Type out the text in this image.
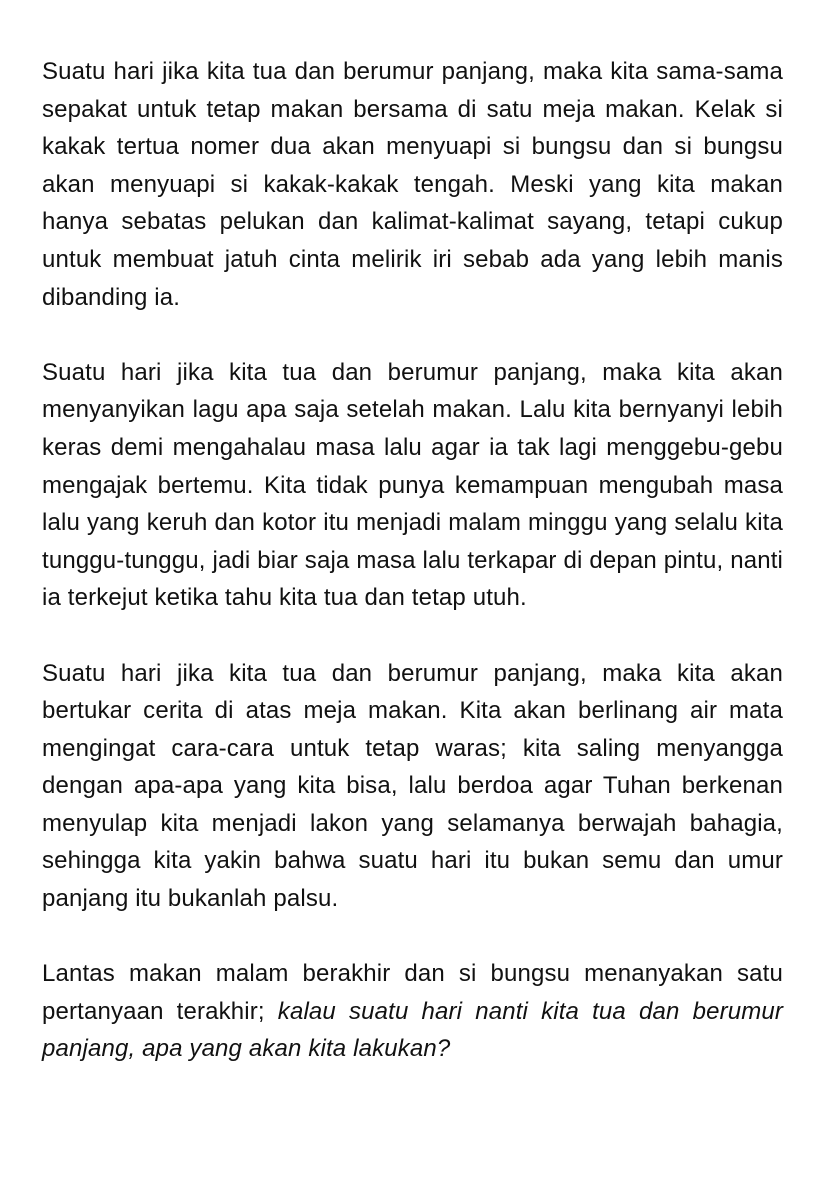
Suatu hari jika kita tua dan berumur panjang, maka kita sama-sama sepakat untuk tetap makan bersama di satu meja makan. Kelak si kakak tertua nomer dua akan menyuapi si bungsu dan si bungsu akan menyuapi si kakak-kakak tengah. Meski yang kita makan hanya sebatas pelukan dan kalimat-kalimat sayang, tetapi cukup untuk membuat jatuh cinta melirik iri sebab ada yang lebih manis dibanding ia.

Suatu hari jika kita tua dan berumur panjang, maka kita akan menyanyikan lagu apa saja setelah makan. Lalu kita bernyanyi lebih keras demi mengahalau masa lalu agar ia tak lagi menggebu-gebu mengajak bertemu. Kita tidak punya kemampuan mengubah masa lalu yang keruh dan kotor itu menjadi malam minggu yang selalu kita tunggu-tunggu, jadi biar saja masa lalu terkapar di depan pintu, nanti ia terkejut ketika tahu kita tua dan tetap utuh.

Suatu hari jika kita tua dan berumur panjang, maka kita akan bertukar cerita di atas meja makan. Kita akan berlinang air mata mengingat cara-cara untuk tetap waras; kita saling menyangga dengan apa-apa yang kita bisa, lalu berdoa agar Tuhan berkenan menyulap kita menjadi lakon yang selamanya berwajah bahagia, sehingga kita yakin bahwa suatu hari itu bukan semu dan umur panjang itu bukanlah palsu.

Lantas makan malam berakhir dan si bungsu menanyakan satu pertanyaan terakhir; kalau suatu hari nanti kita tua dan berumur panjang, apa yang akan kita lakukan?
